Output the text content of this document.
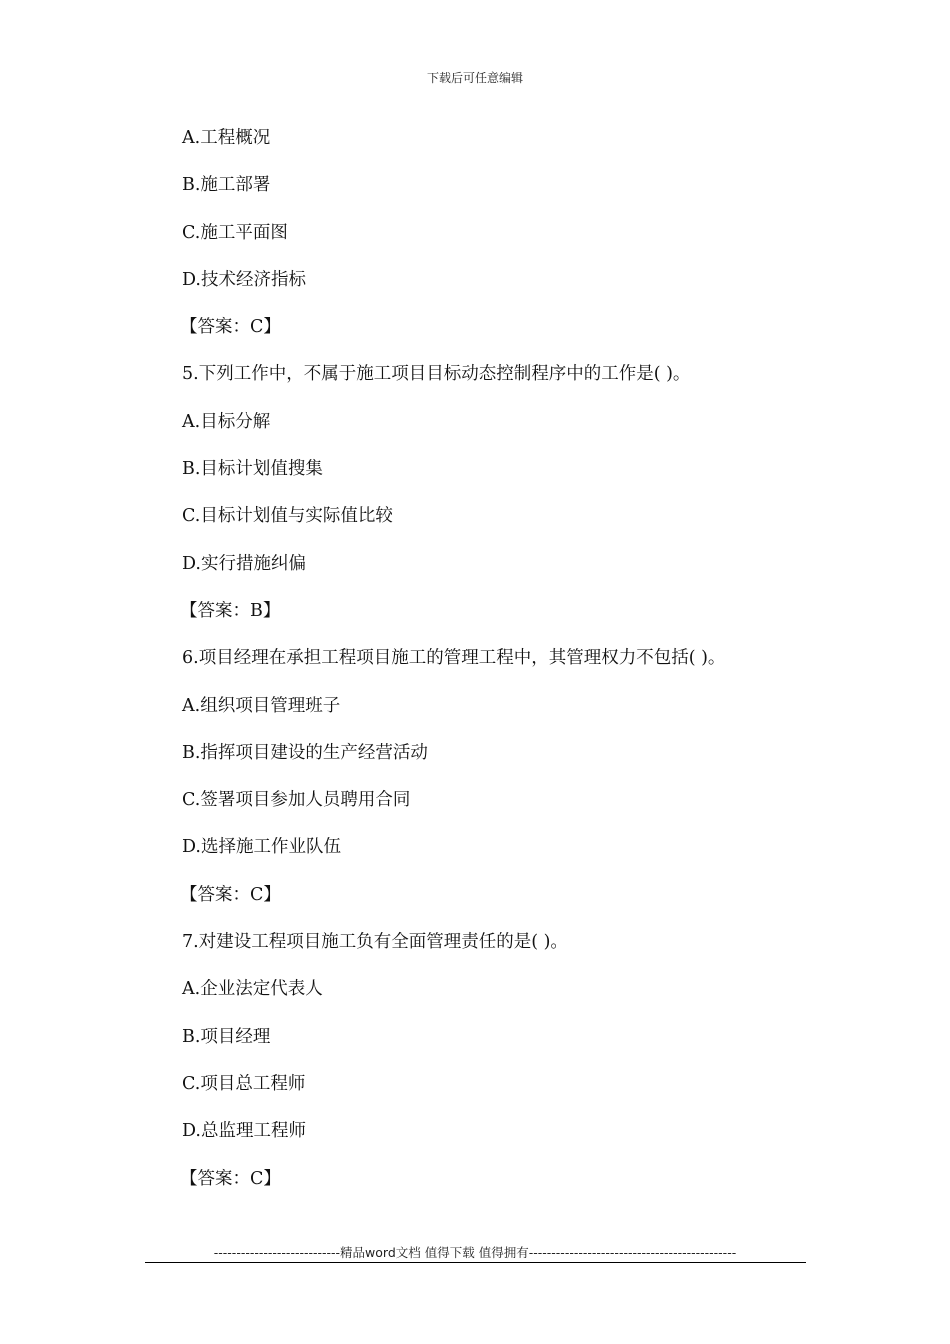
下载后可任意编辑
A.工程概况
B.施工部署
C.施工平面图
D.技术经济指标
【答案：C】
5.下列工作中，不属于施工项目目标动态控制程序中的工作是( )。
A.目标分解
B.目标计划值搜集
C.目标计划值与实际值比较
D.实行措施纠偏
【答案：B】
6.项目经理在承担工程项目施工的管理工程中，其管理权力不包括( )。
A.组织项目管理班子
B.指挥项目建设的生产经营活动
C.签署项目参加人员聘用合同
D.选择施工作业队伍
【答案：C】
7.对建设工程项目施工负有全面管理责任的是( )。
A.企业法定代表人
B.项目经理
C.项目总工程师
D.总监理工程师
【答案：C】
----------------------------精品word文档 值得下载 值得拥有----------------------------------------------
